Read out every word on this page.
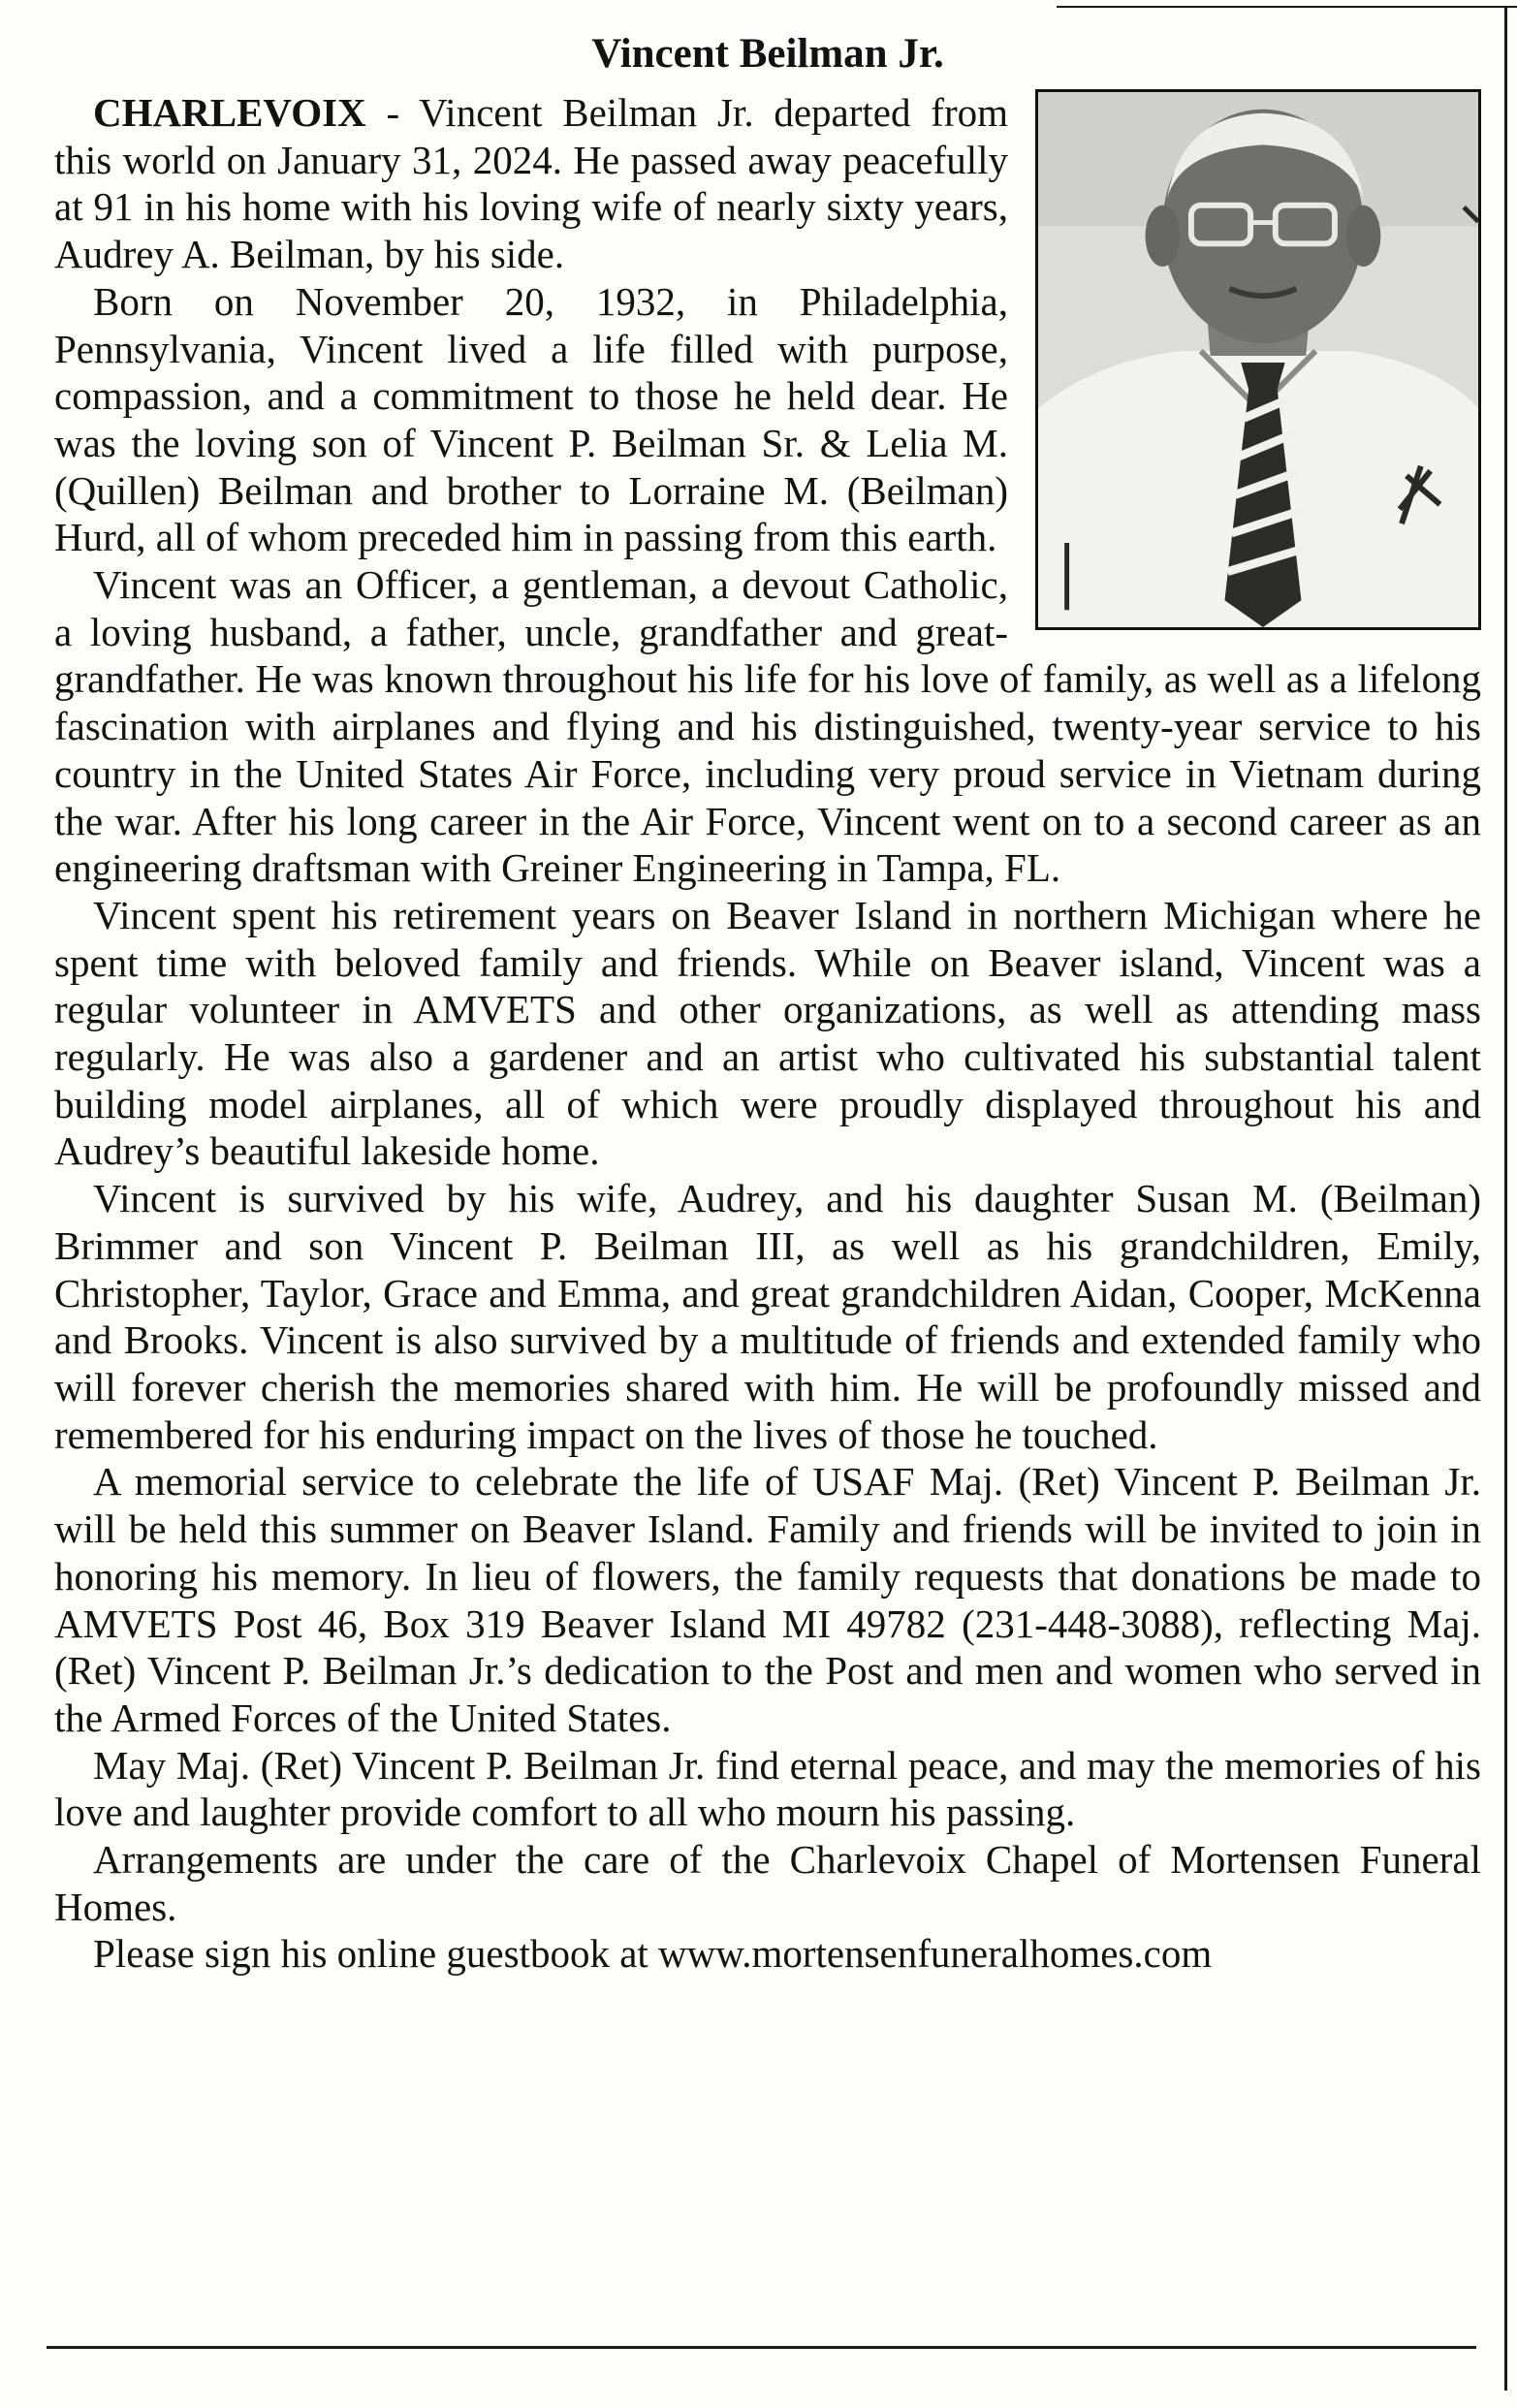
Vincent Beilman Jr.

CHARLEVOIX - Vincent Beilman Jr. departed from this world on January 31, 2024. He passed away peacefully at 91 in his home with his loving wife of nearly sixty years, Audrey A. Beilman, by his side.

Born on November 20, 1932, in Philadelphia, Pennsylvania, Vincent lived a life filled with purpose, compassion, and a commitment to those he held dear. He was the loving son of Vincent P. Beilman Sr. & Lelia M. (Quillen) Beilman and brother to Lorraine M. (Beilman) Hurd, all of whom preceded him in passing from this earth.

Vincent was an Officer, a gentleman, a devout Catholic, a loving husband, a father, uncle, grandfather and great-grandfather. He was known throughout his life for his love of family, as well as a lifelong fascination with airplanes and flying and his distinguished, twenty-year service to his country in the United States Air Force, including very proud service in Vietnam during the war. After his long career in the Air Force, Vincent went on to a second career as an engineering draftsman with Greiner Engineering in Tampa, FL.

Vincent spent his retirement years on Beaver Island in northern Michigan where he spent time with beloved family and friends. While on Beaver island, Vincent was a regular volunteer in AMVETS and other organizations, as well as attending mass regularly. He was also a gardener and an artist who cultivated his substantial talent building model airplanes, all of which were proudly displayed throughout his and Audrey’s beautiful lakeside home.

Vincent is survived by his wife, Audrey, and his daughter Susan M. (Beilman) Brimmer and son Vincent P. Beilman III, as well as his grandchildren, Emily, Christopher, Taylor, Grace and Emma, and great grandchildren Aidan, Cooper, McKenna and Brooks. Vincent is also survived by a multitude of friends and extended family who will forever cherish the memories shared with him. He will be profoundly missed and remembered for his enduring impact on the lives of those he touched.

A memorial service to celebrate the life of USAF Maj. (Ret) Vincent P. Beilman Jr. will be held this summer on Beaver Island. Family and friends will be invited to join in honoring his memory. In lieu of flowers, the family requests that donations be made to AMVETS Post 46, Box 319 Beaver Island MI 49782 (231-448-3088), reflecting Maj. (Ret) Vincent P. Beilman Jr.’s dedication to the Post and men and women who served in the Armed Forces of the United States.

May Maj. (Ret) Vincent P. Beilman Jr. find eternal peace, and may the memories of his love and laughter provide comfort to all who mourn his passing.

Arrangements are under the care of the Charlevoix Chapel of Mortensen Funeral Homes.

Please sign his online guestbook at www.mortensenfuneralhomes.com
